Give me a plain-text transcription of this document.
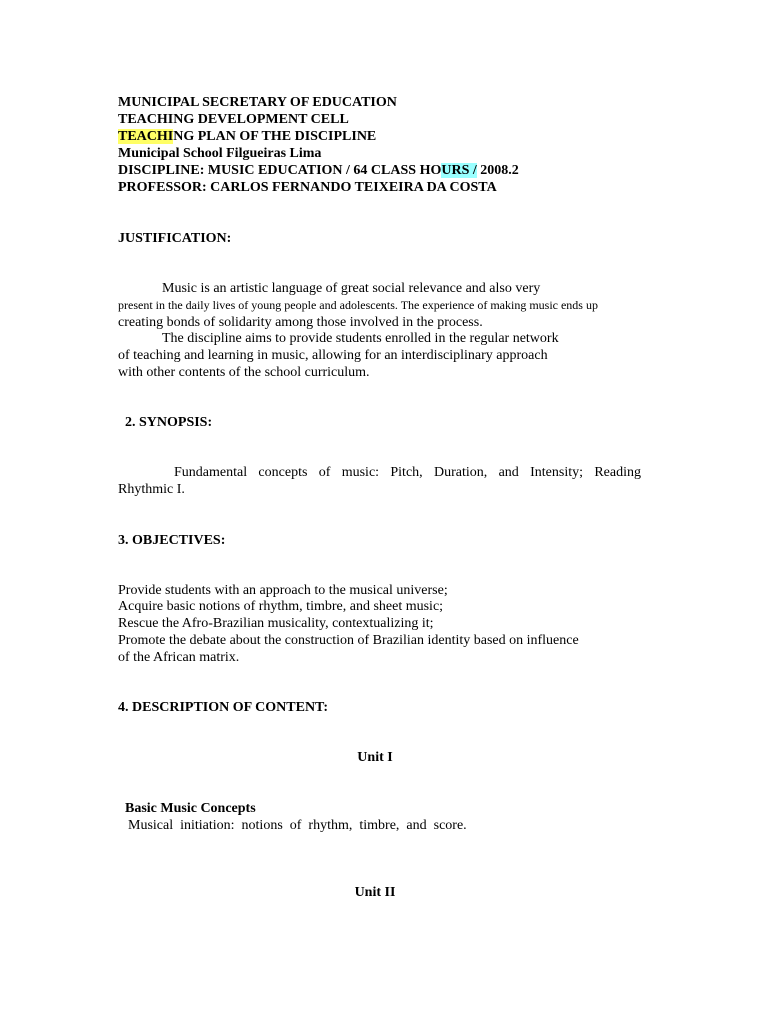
MUNICIPAL SECRETARY OF EDUCATION
TEACHING DEVELOPMENT CELL
TEACHING PLAN OF THE DISCIPLINE
Municipal School Filgueiras Lima
DISCIPLINE: MUSIC EDUCATION / 64 CLASS HOURS / 2008.2
PROFESSOR: CARLOS FERNANDO TEIXEIRA DA COSTA
JUSTIFICATION:
Music is an artistic language of great social relevance and also very
present in the daily lives of young people and adolescents. The experience of making music ends up
creating bonds of solidarity among those involved in the process.
The discipline aims to provide students enrolled in the regular network
of teaching and learning in music, allowing for an interdisciplinary approach
with other contents of the school curriculum.
2. SYNOPSIS:
Fundamental concepts of music: Pitch, Duration, and Intensity; Reading
Rhythmic I.
3. OBJECTIVES:
Provide students with an approach to the musical universe;
Acquire basic notions of rhythm, timbre, and sheet music;
Rescue the Afro-Brazilian musicality, contextualizing it;
Promote the debate about the construction of Brazilian identity based on influence
of the African matrix.
4. DESCRIPTION OF CONTENT:
Unit I
Basic Music Concepts
Musical  initiation:  notions  of  rhythm,  timbre,  and  score.
Unit II
